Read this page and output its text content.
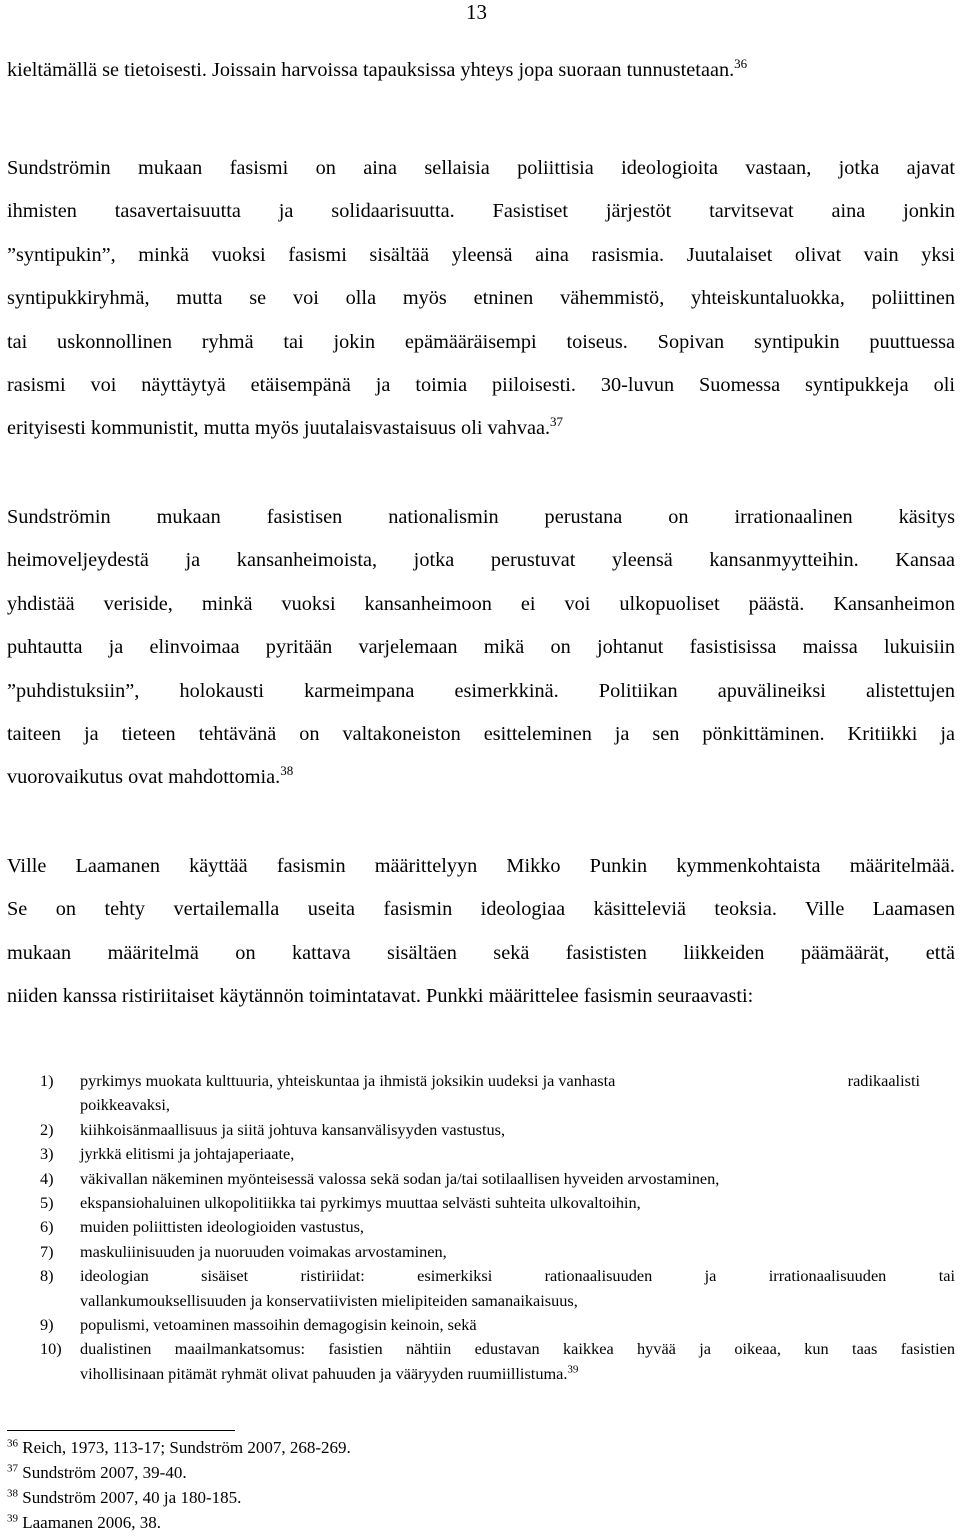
13
kieltämällä se tietoisesti. Joissain harvoissa tapauksissa yhteys jopa suoraan tunnustetaan.$^{36}$
Sundströmin mukaan fasismi on aina sellaisia poliittisia ideologioita vastaan, jotka ajavat
ihmisten tasavertaisuutta ja solidaarisuutta. Fasistiset järjestöt tarvitsevat aina jonkin
”syntipukin”, minkä vuoksi fasismi sisältää yleensä aina rasismia. Juutalaiset olivat vain yksi
syntipukkiryhmä, mutta se voi olla myös etninen vähemmistö, yhteiskuntaluokka, poliittinen
tai uskonnollinen ryhmä tai jokin epämääräisempi toiseus. Sopivan syntipukin puuttuessa
rasismi voi näyttäytyä etäisempänä ja toimia piiloisesti. 30-luvun Suomessa syntipukkeja oli
erityisesti kommunistit, mutta myös juutalaisvastaisuus oli vahvaa.$^{37}$
Sundströmin mukaan fasistisen nationalismin perustana on irrationaalinen käsitys
heimoveljeydestä ja kansanheimoista, jotka perustuvat yleensä kansanmyytteihin. Kansaa
yhdistää veriside, minkä vuoksi kansanheimoon ei voi ulkopuoliset päästä. Kansanheimon
puhtautta ja elinvoimaa pyritään varjelemaan mikä on johtanut fasistisissa maissa lukuisiin
”puhdistuksiin”, holokausti karmeimpana esimerkkinä. Politiikan apuvälineiksi alistettujen
taiteen ja tieteen tehtävänä on valtakoneiston esitteleminen ja sen pönkittäminen. Kritiikki ja
vuorovaikutus ovat mahdottomia.$^{38}$
Ville Laamanen käyttää fasismin määrittelyyn Mikko Punkin kymmenkohtaista määritelmää.
Se on tehty vertailemalla useita fasismin ideologiaa käsitteleviä teoksia. Ville Laamasen
mukaan määritelmä on kattava sisältäen sekä fasististen liikkeiden päämäärät, että
niiden kanssa ristiriitaiset käytännön toimintatavat. Punkki määrittelee fasismin seuraavasti:
1) pyrkimys muokata kulttuuria, yhteiskuntaa ja ihmistä joksikin uudeksi ja vanhasta	radikaalisti
poikkeavaksi,
2) kiihkoisänmaallisuus ja siitä johtuva kansanvälisyyden vastustus,
3) jyrkkä elitismi ja johtajaperiaate,
4) väkivallan näkeminen myönteisessä valossa sekä sodan ja/tai sotilaallisen hyveiden arvostaminen,
5) ekspansiohaluinen ulkopolitiikka tai pyrkimys muuttaa selvästi suhteita ulkovaltoihin,
6) muiden poliittisten ideologioiden vastustus,
7) maskuliinisuuden ja nuoruuden voimakas arvostaminen,
8) ideologian sisäiset ristiriidat: esimerkiksi rationaalisuuden ja irrationaalisuuden tai
vallankumouksellisuuden ja konservatiivisten mielipiteiden samanaikaisuus,
9) populismi, vetoaminen massoihin demagogisin keinoin, sekä
10) dualistinen maailmankatsomus: fasistien nähtiin edustavan kaikkea hyvää ja oikeaa, kun taas fasistien
vihollisinaan pitämät ryhmät olivat pahuuden ja vääryyden ruumiillistuma.$^{39}$
$^{36}$ Reich, 1973, 113-17; Sundström 2007, 268-269.
$^{37}$ Sundström 2007, 39-40.
$^{38}$ Sundström 2007, 40 ja 180-185.
$^{39}$ Laamanen 2006, 38.
